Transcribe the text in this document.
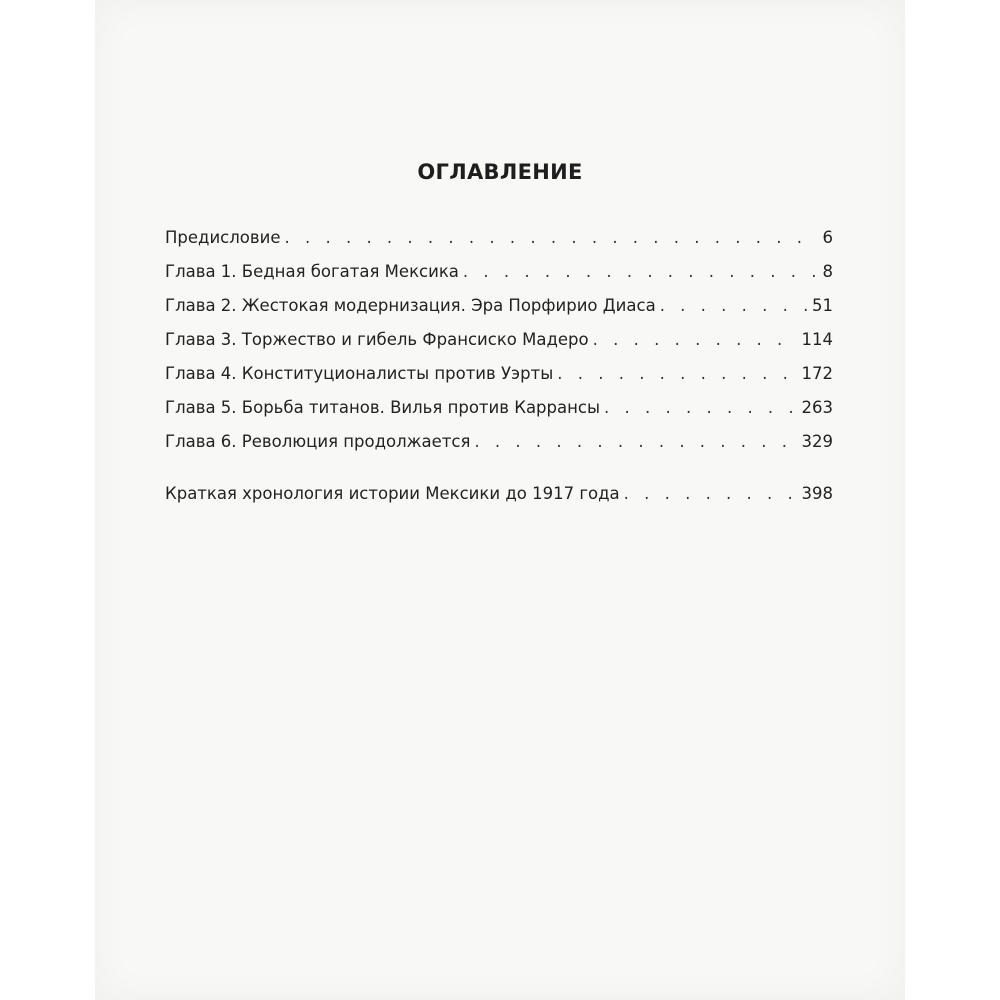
ОГЛАВЛЕНИЕ
Предисловие . . .	6
Глава 1. Бедная богатая Мексика . . .	8
Глава 2. Жестокая модернизация. Эра Порфирио Диаса . . .	51
Глава 3. Торжество и гибель Франсиско Мадеро . . .	114
Глава 4. Конституционалисты против Уэрты . . .	172
Глава 5. Борьба титанов. Вилья против Каррансы . . .	263
Глава 6. Революция продолжается . . .	329
Краткая хронология истории Мексики до 1917 года . . .	398
